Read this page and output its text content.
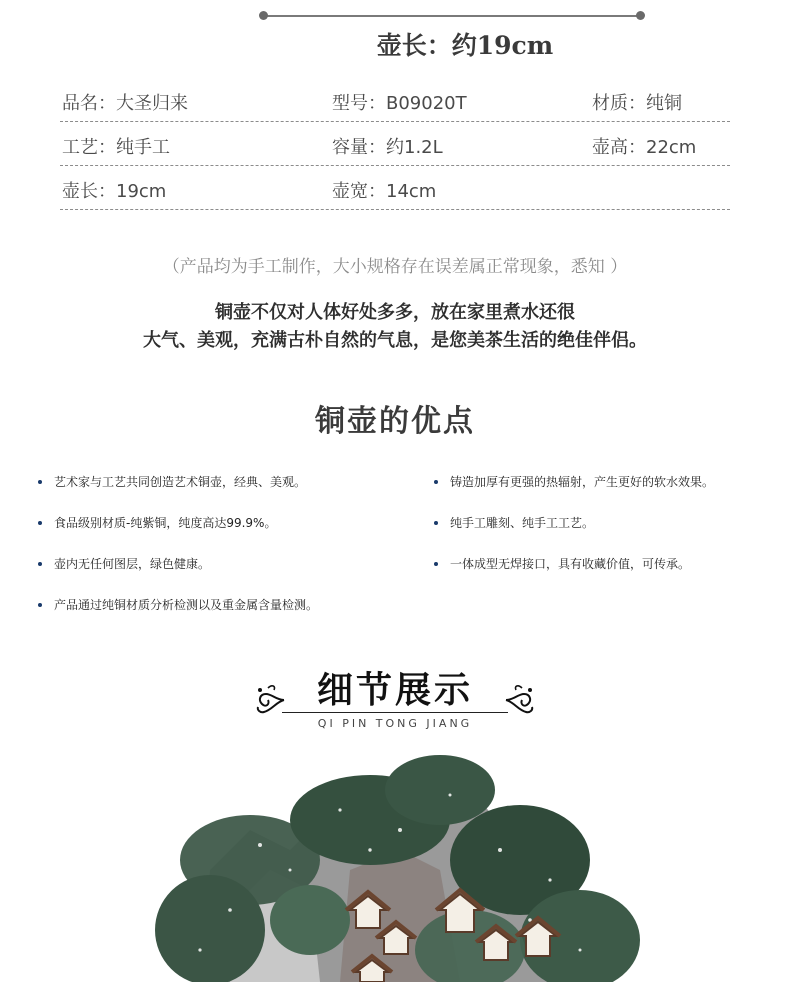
壶长：约19cm
品名：大圣归来	型号：B09020T	材质：纯铜
工艺：纯手工	容量：约1.2L	壶高：22cm
壶长：19cm	壶宽：14cm
（产品均为手工制作，大小规格存在误差属正常现象，悉知 ）
铜壶不仅对人体好处多多，放在家里煮水还很
大气、美观，充满古朴自然的气息，是您美茶生活的绝佳伴侣。
铜壶的优点
艺术家与工艺共同创造艺术铜壶，经典、美观。
食品级别材质-纯紫铜，纯度高达99.9%。
壶内无任何图层，绿色健康。
产品通过纯铜材质分析检测以及重金属含量检测。
铸造加厚有更强的热辐射，产生更好的软水效果。
纯手工雕刻、纯手工工艺。
一体成型无焊接口，具有收藏价值，可传承。
细节展示
QI PIN TONG JIANG
